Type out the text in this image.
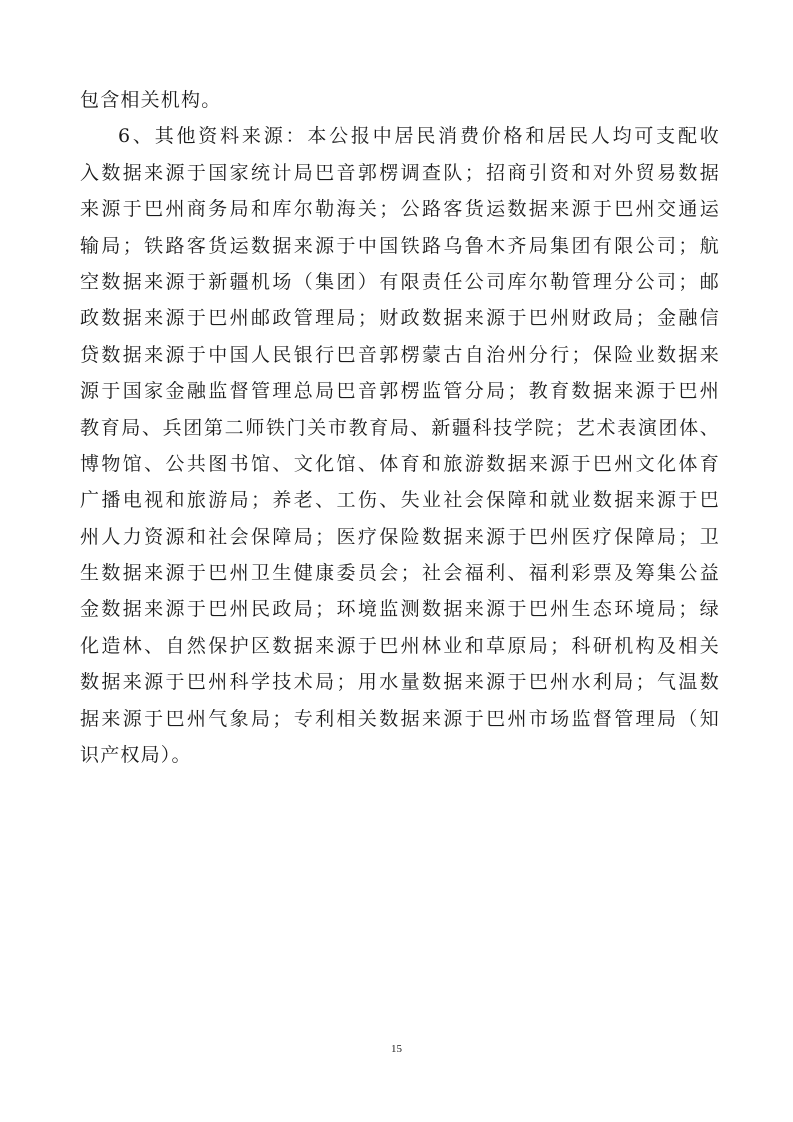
包含相关机构。
6、其他资料来源：本公报中居民消费价格和居民人均可支配收
入数据来源于国家统计局巴音郭楞调查队；招商引资和对外贸易数据
来源于巴州商务局和库尔勒海关；公路客货运数据来源于巴州交通运
输局；铁路客货运数据来源于中国铁路乌鲁木齐局集团有限公司；航
空数据来源于新疆机场（集团）有限责任公司库尔勒管理分公司；邮
政数据来源于巴州邮政管理局；财政数据来源于巴州财政局；金融信
贷数据来源于中国人民银行巴音郭楞蒙古自治州分行；保险业数据来
源于国家金融监督管理总局巴音郭楞监管分局；教育数据来源于巴州
教育局、兵团第二师铁门关市教育局、新疆科技学院；艺术表演团体、
博物馆、公共图书馆、文化馆、体育和旅游数据来源于巴州文化体育
广播电视和旅游局；养老、工伤、失业社会保障和就业数据来源于巴
州人力资源和社会保障局；医疗保险数据来源于巴州医疗保障局；卫
生数据来源于巴州卫生健康委员会；社会福利、福利彩票及筹集公益
金数据来源于巴州民政局；环境监测数据来源于巴州生态环境局；绿
化造林、自然保护区数据来源于巴州林业和草原局；科研机构及相关
数据来源于巴州科学技术局；用水量数据来源于巴州水利局；气温数
据来源于巴州气象局；专利相关数据来源于巴州市场监督管理局（知
识产权局）。
15
